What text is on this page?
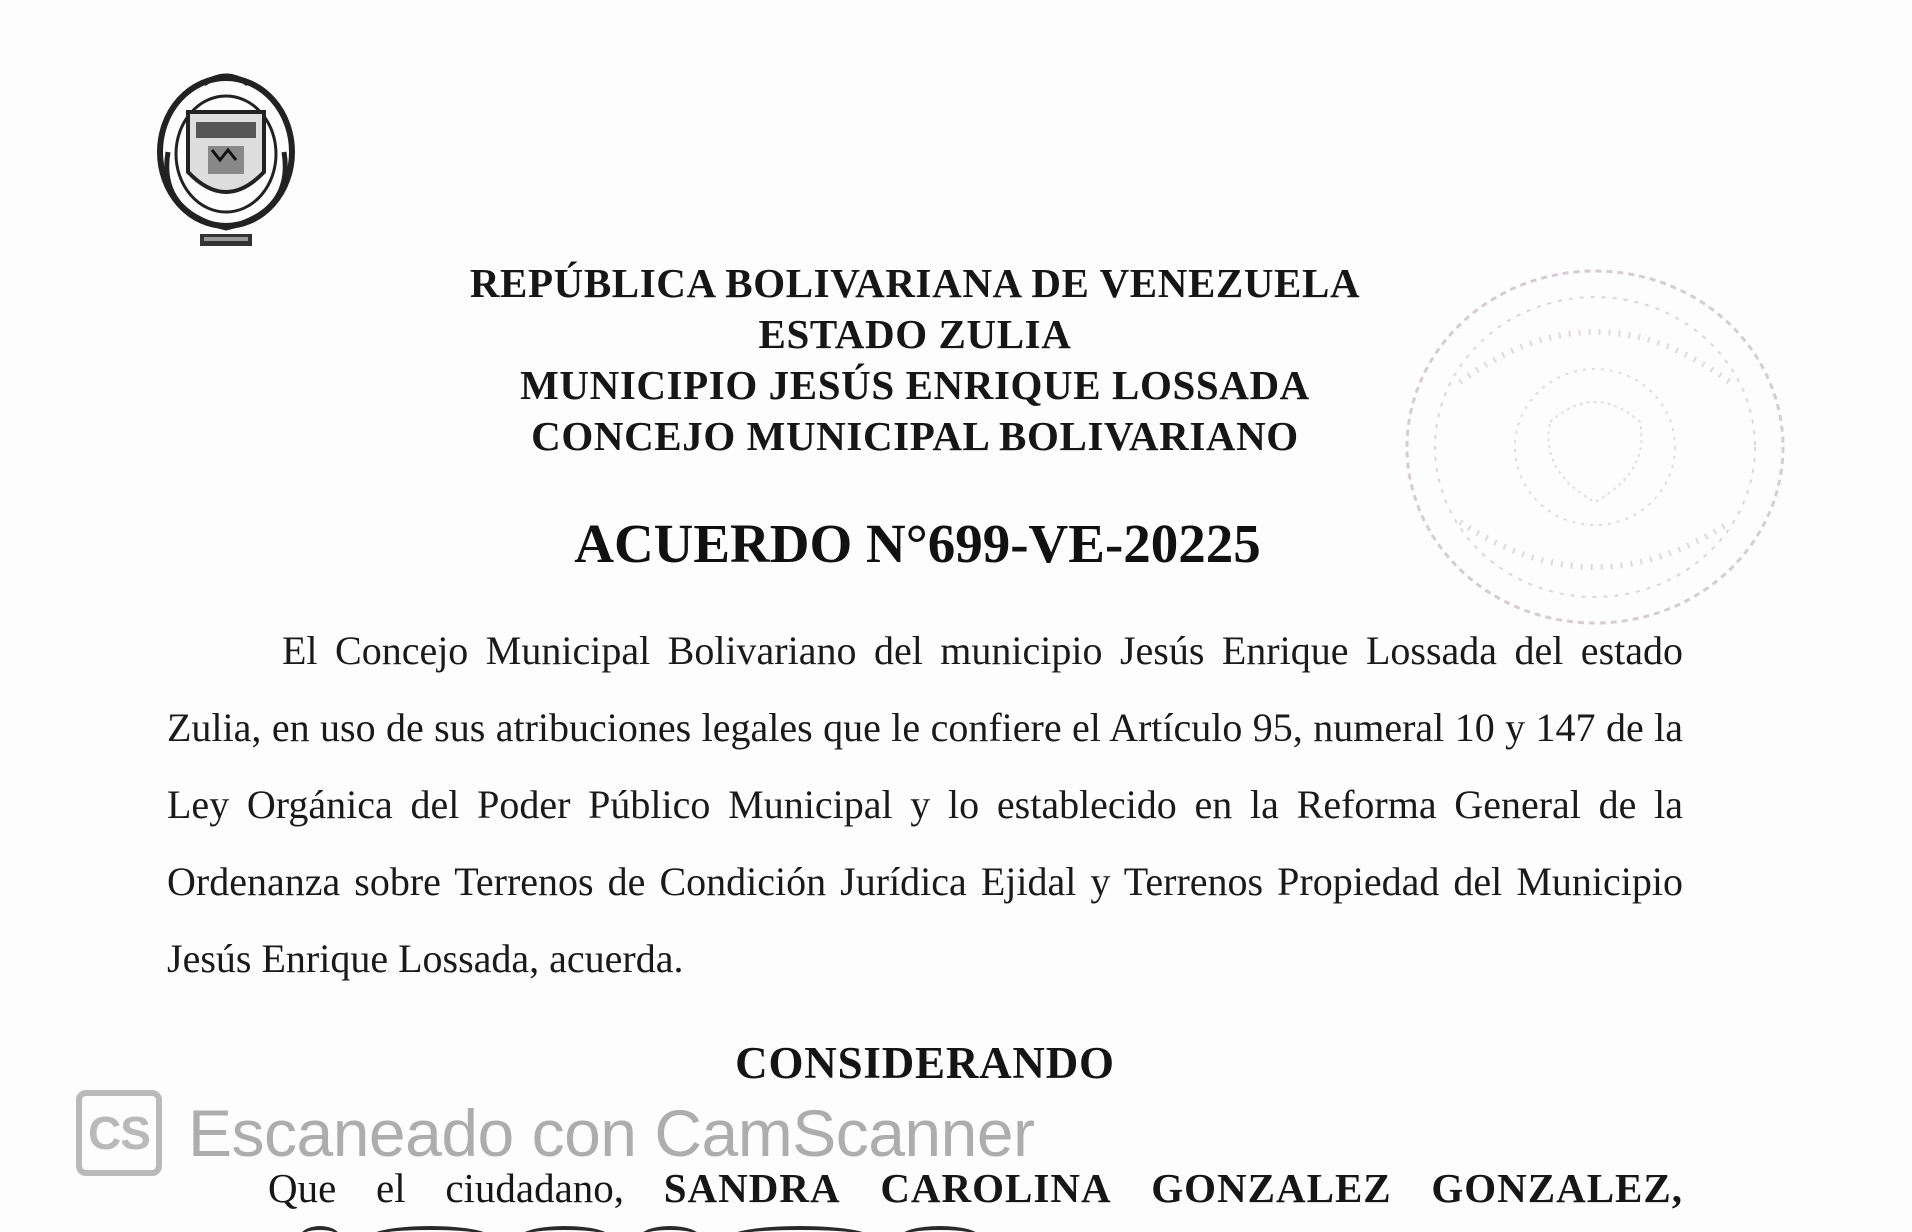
REPÚBLICA BOLIVARIANA DE VENEZUELA
ESTADO ZULIA
MUNICIPIO JESÚS ENRIQUE LOSSADA
CONCEJO MUNICIPAL BOLIVARIANO
ACUERDO N°699-VE-20225
El Concejo Municipal Bolivariano del municipio Jesús Enrique Lossada del estado Zulia, en uso de sus atribuciones legales que le confiere el Artículo 95, numeral 10 y 147 de la Ley Orgánica del Poder Público Municipal y lo establecido en la Reforma General de la Ordenanza sobre Terrenos de Condición Jurídica Ejidal y Terrenos Propiedad del Municipio Jesús Enrique Lossada, acuerda.
CONSIDERANDO
CS Escaneado con CamScanner
Que el ciudadano, SANDRA CAROLINA GONZALEZ GONZALEZ,
